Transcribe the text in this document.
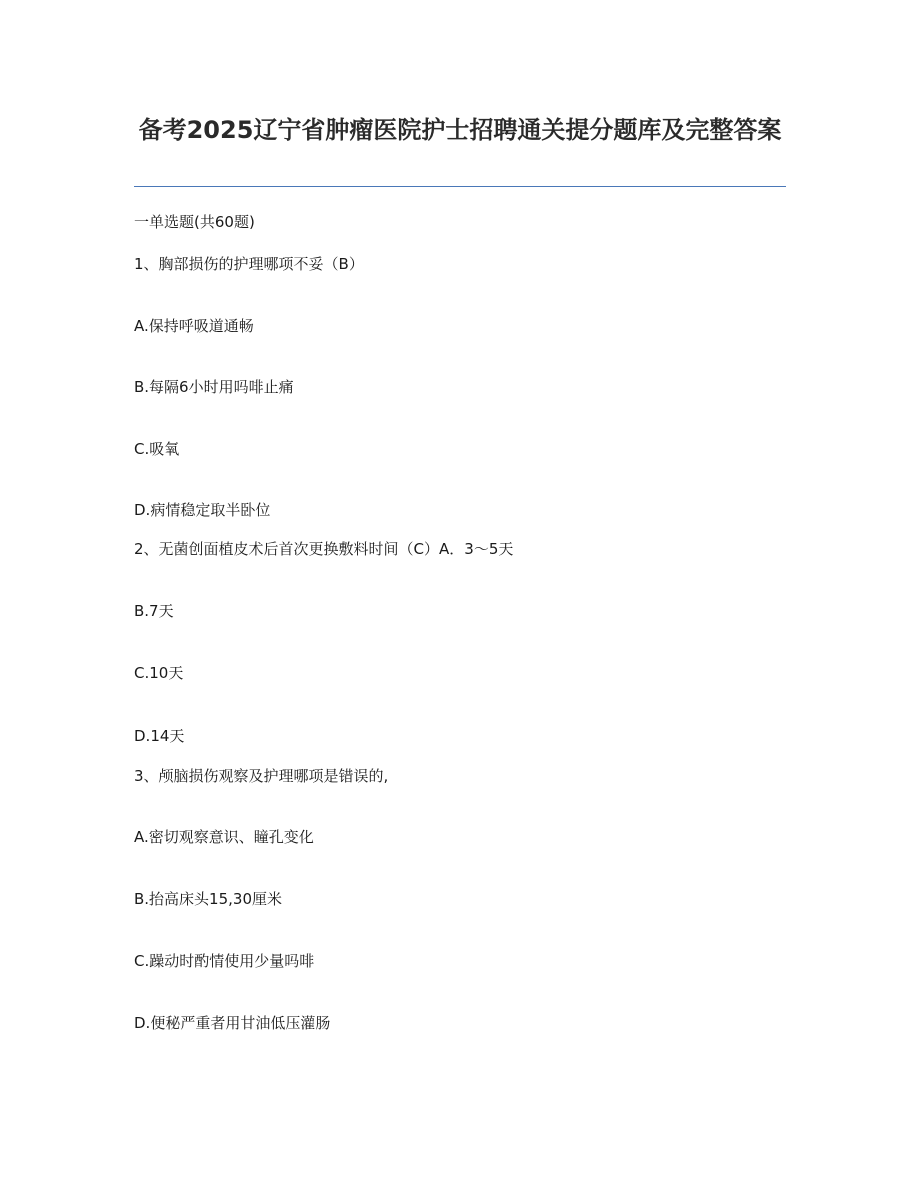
备考2025辽宁省肿瘤医院护士招聘通关提分题库及完整答案
一单选题(共60题)
1、胸部损伤的护理哪项不妥（B）
A.保持呼吸道通畅
B.每隔6小时用吗啡止痛
C.吸氧
D.病情稳定取半卧位
2、无菌创面植皮术后首次更换敷料时间（C）A．3～5天
B.7天
C.10天
D.14天
3、颅脑损伤观察及护理哪项是错误的,
A.密切观察意识、瞳孔变化
B.抬高床头15,30厘米
C.躁动时酌情使用少量吗啡
D.便秘严重者用甘油低压灌肠
